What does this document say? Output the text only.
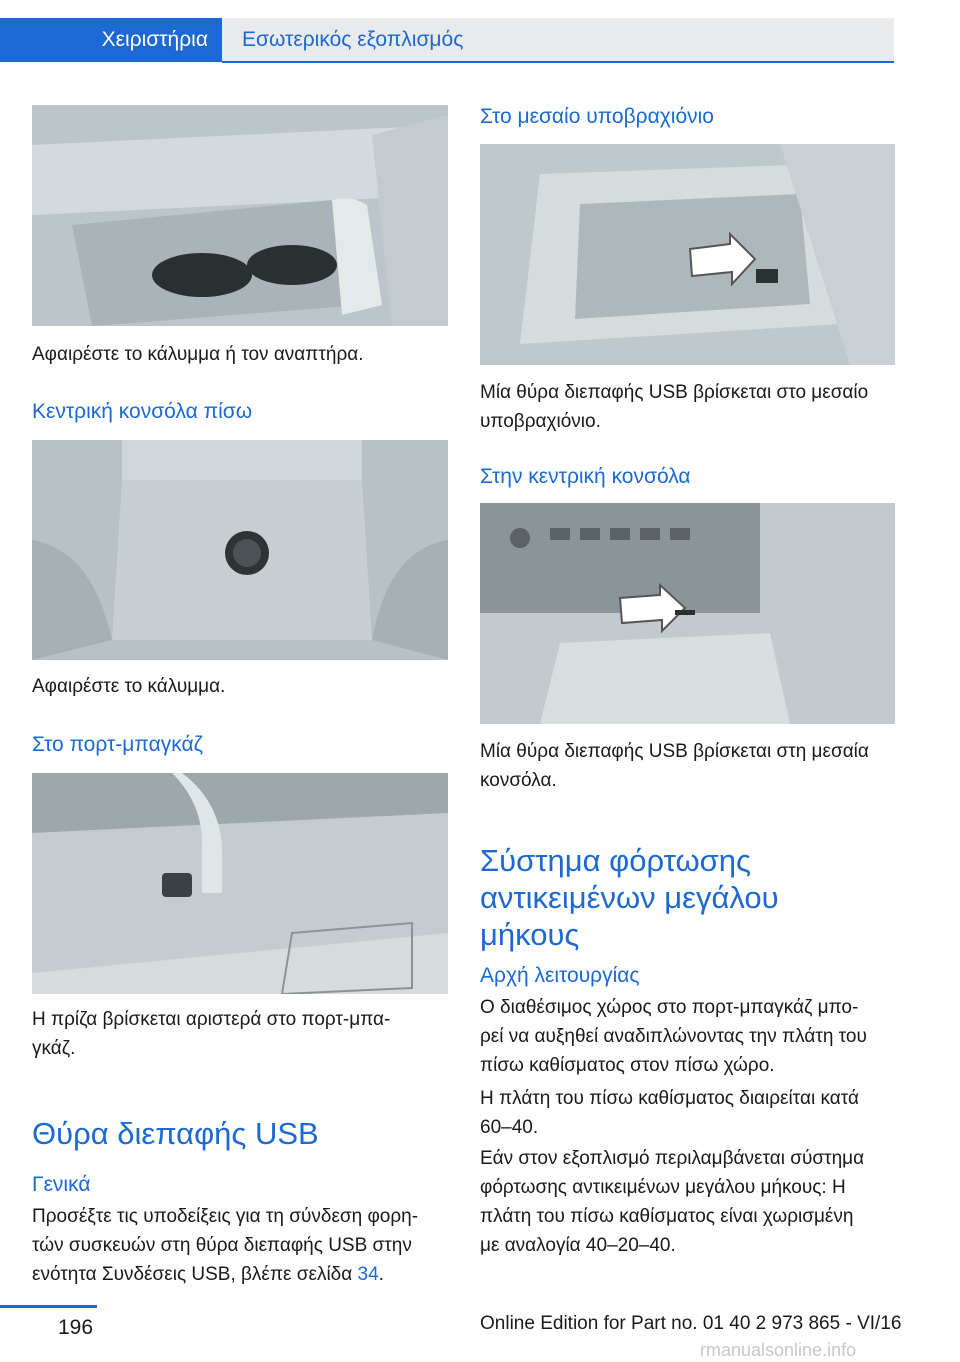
Χειριστήρια	Εσωτερικός εξοπλισμός
Αφαιρέστε το κάλυμμα ή τον αναπτήρα.
Κεντρική κονσόλα πίσω
Αφαιρέστε το κάλυμμα.
Στο πορτ-μπαγκάζ
Η πρίζα βρίσκεται αριστερά στο πορτ-μπα‐
γκάζ.
Θύρα διεπαφής USB
Γενικά
Προσέξτε τις υποδείξεις για τη σύνδεση φορη‐
τών συσκευών στη θύρα διεπαφής USB στην
ενότητα Συνδέσεις USB, βλέπε σελίδα 34.
Στο μεσαίο υποβραχιόνιο
Μία θύρα διεπαφής USB βρίσκεται στο μεσαίο
υποβραχιόνιο.
Στην κεντρική κονσόλα
Μία θύρα διεπαφής USB βρίσκεται στη μεσαία
κονσόλα.
Σύστημα φόρτωσης
αντικειμένων μεγάλου
μήκους
Αρχή λειτουργίας
Ο διαθέσιμος χώρος στο πορτ-μπαγκάζ μπο‐
ρεί να αυξηθεί αναδιπλώνοντας την πλάτη του
πίσω καθίσματος στον πίσω χώρο.
Η πλάτη του πίσω καθίσματος διαιρείται κατά
60–40.
Εάν στον εξοπλισμό περιλαμβάνεται σύστημα
φόρτωσης αντικειμένων μεγάλου μήκους: Η
πλάτη του πίσω καθίσματος είναι χωρισμένη
με αναλογία 40–20–40.
196	Online Edition for Part no. 01 40 2 973 865 - VI/16
rmanualsonline.info
